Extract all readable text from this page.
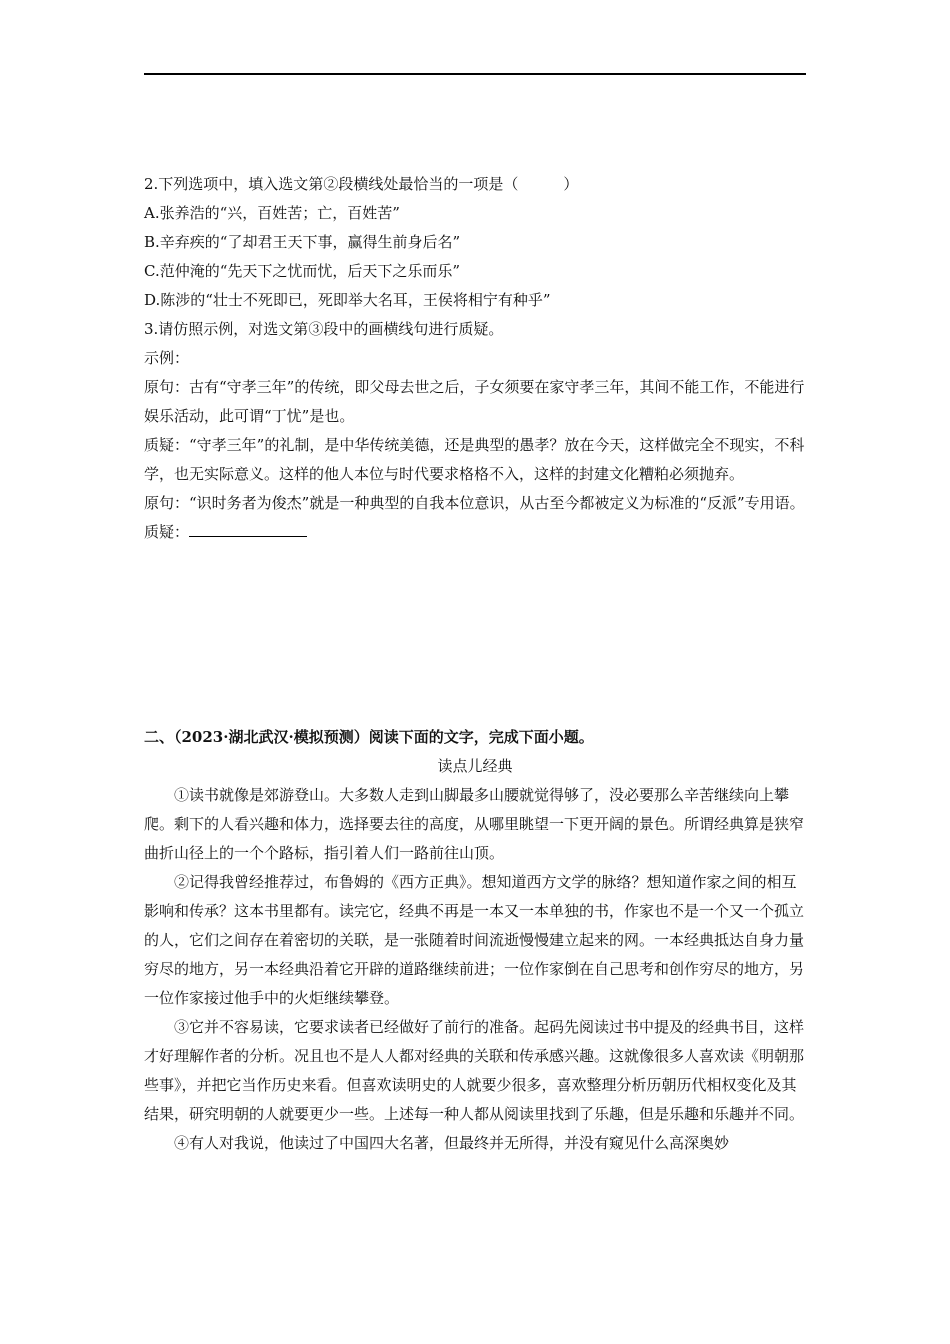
2.下列选项中，填入选文第②段横线处最恰当的一项是（　　　）
A.张养浩的“兴，百姓苦；亡，百姓苦”
B.辛弃疾的“了却君王天下事，赢得生前身后名”
C.范仲淹的“先天下之忧而忧，后天下之乐而乐”
D.陈涉的“壮士不死即已，死即举大名耳，王侯将相宁有种乎”
3.请仿照示例，对选文第③段中的画横线句进行质疑。
示例：
原句：古有“守孝三年”的传统，即父母去世之后，子女须要在家守孝三年，其间不能工作，不能进行娱乐活动，此可谓“丁忧”是也。
质疑：“守孝三年”的礼制，是中华传统美德，还是典型的愚孝？放在今天，这样做完全不现实，不科学，也无实际意义。这样的他人本位与时代要求格格不入，这样的封建文化糟粕必须抛弃。
原句：“识时务者为俊杰”就是一种典型的自我本位意识，从古至今都被定义为标准的“反派”专用语。
质疑：
二、（2023·湖北武汉·模拟预测）阅读下面的文字，完成下面小题。
读点儿经典
①读书就像是郊游登山。大多数人走到山脚最多山腰就觉得够了，没必要那么辛苦继续向上攀爬。剩下的人看兴趣和体力，选择要去往的高度，从哪里眺望一下更开阔的景色。所谓经典算是狭窄曲折山径上的一个个路标，指引着人们一路前往山顶。
②记得我曾经推荐过，布鲁姆的《西方正典》。想知道西方文学的脉络？想知道作家之间的相互影响和传承？这本书里都有。读完它，经典不再是一本又一本单独的书，作家也不是一个又一个孤立的人，它们之间存在着密切的关联，是一张随着时间流逝慢慢建立起来的网。一本经典抵达自身力量穷尽的地方，另一本经典沿着它开辟的道路继续前进；一位作家倒在自己思考和创作穷尽的地方，另一位作家接过他手中的火炬继续攀登。
③它并不容易读，它要求读者已经做好了前行的准备。起码先阅读过书中提及的经典书目，这样才好理解作者的分析。况且也不是人人都对经典的关联和传承感兴趣。这就像很多人喜欢读《明朝那些事》，并把它当作历史来看。但喜欢读明史的人就要少很多，喜欢整理分析历朝历代相权变化及其结果，研究明朝的人就要更少一些。上述每一种人都从阅读里找到了乐趣，但是乐趣和乐趣并不同。
④有人对我说，他读过了中国四大名著，但最终并无所得，并没有窥见什么高深奥妙
